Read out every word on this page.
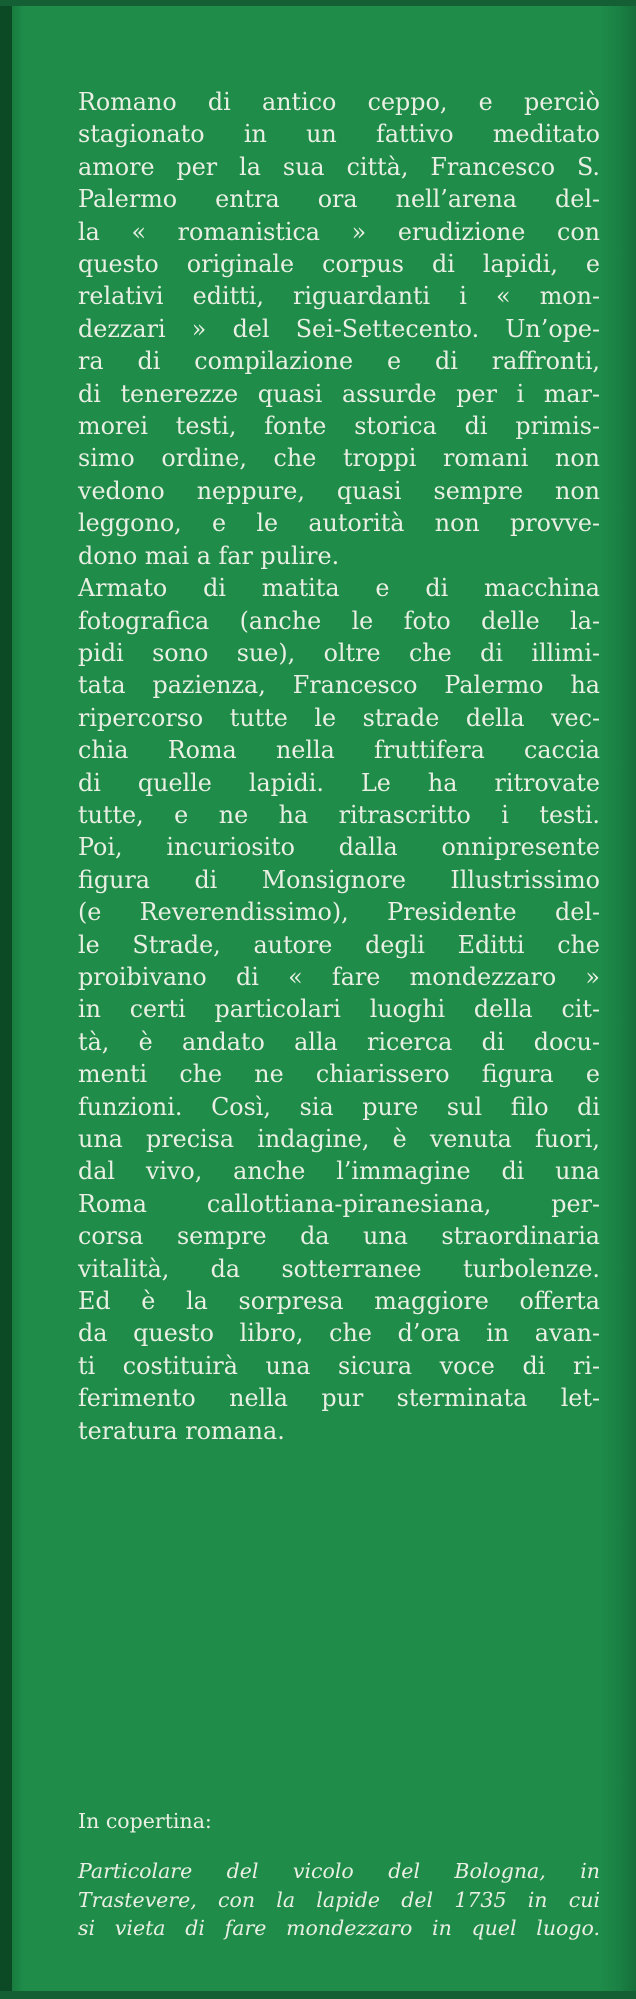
Romano di antico ceppo, e perciò
stagionato in un fattivo meditato
amore per la sua città, Francesco S.
Palermo entra ora nell’arena del-
la « romanistica » erudizione con
questo originale corpus di lapidi, e
relativi editti, riguardanti i « mon-
dezzari » del Sei-Settecento. Un’ope-
ra di compilazione e di raffronti,
di tenerezze quasi assurde per i mar-
morei testi, fonte storica di primis-
simo ordine, che troppi romani non
vedono neppure, quasi sempre non
leggono, e le autorità non provve-
dono mai a far pulire.
Armato di matita e di macchina
fotografica (anche le foto delle la-
pidi sono sue), oltre che di illimi-
tata pazienza, Francesco Palermo ha
ripercorso tutte le strade della vec-
chia Roma nella fruttifera caccia
di quelle lapidi. Le ha ritrovate
tutte, e ne ha ritrascritto i testi.
Poi, incuriosito dalla onnipresente
figura di Monsignore Illustrissimo
(e Reverendissimo), Presidente del-
le Strade, autore degli Editti che
proibivano di « fare mondezzaro »
in certi particolari luoghi della cit-
tà, è andato alla ricerca di docu-
menti che ne chiarissero figura e
funzioni. Così, sia pure sul filo di
una precisa indagine, è venuta fuori,
dal vivo, anche l’immagine di una
Roma callottiana-piranesiana, per-
corsa sempre da una straordinaria
vitalità, da sotterranee turbolenze.
Ed è la sorpresa maggiore offerta
da questo libro, che d’ora in avan-
ti costituirà una sicura voce di ri-
ferimento nella pur sterminata let-
teratura romana.
In copertina:
Particolare del vicolo del Bologna, in
Trastevere, con la lapide del 1735 in cui
si vieta di fare mondezzaro in quel luogo.
